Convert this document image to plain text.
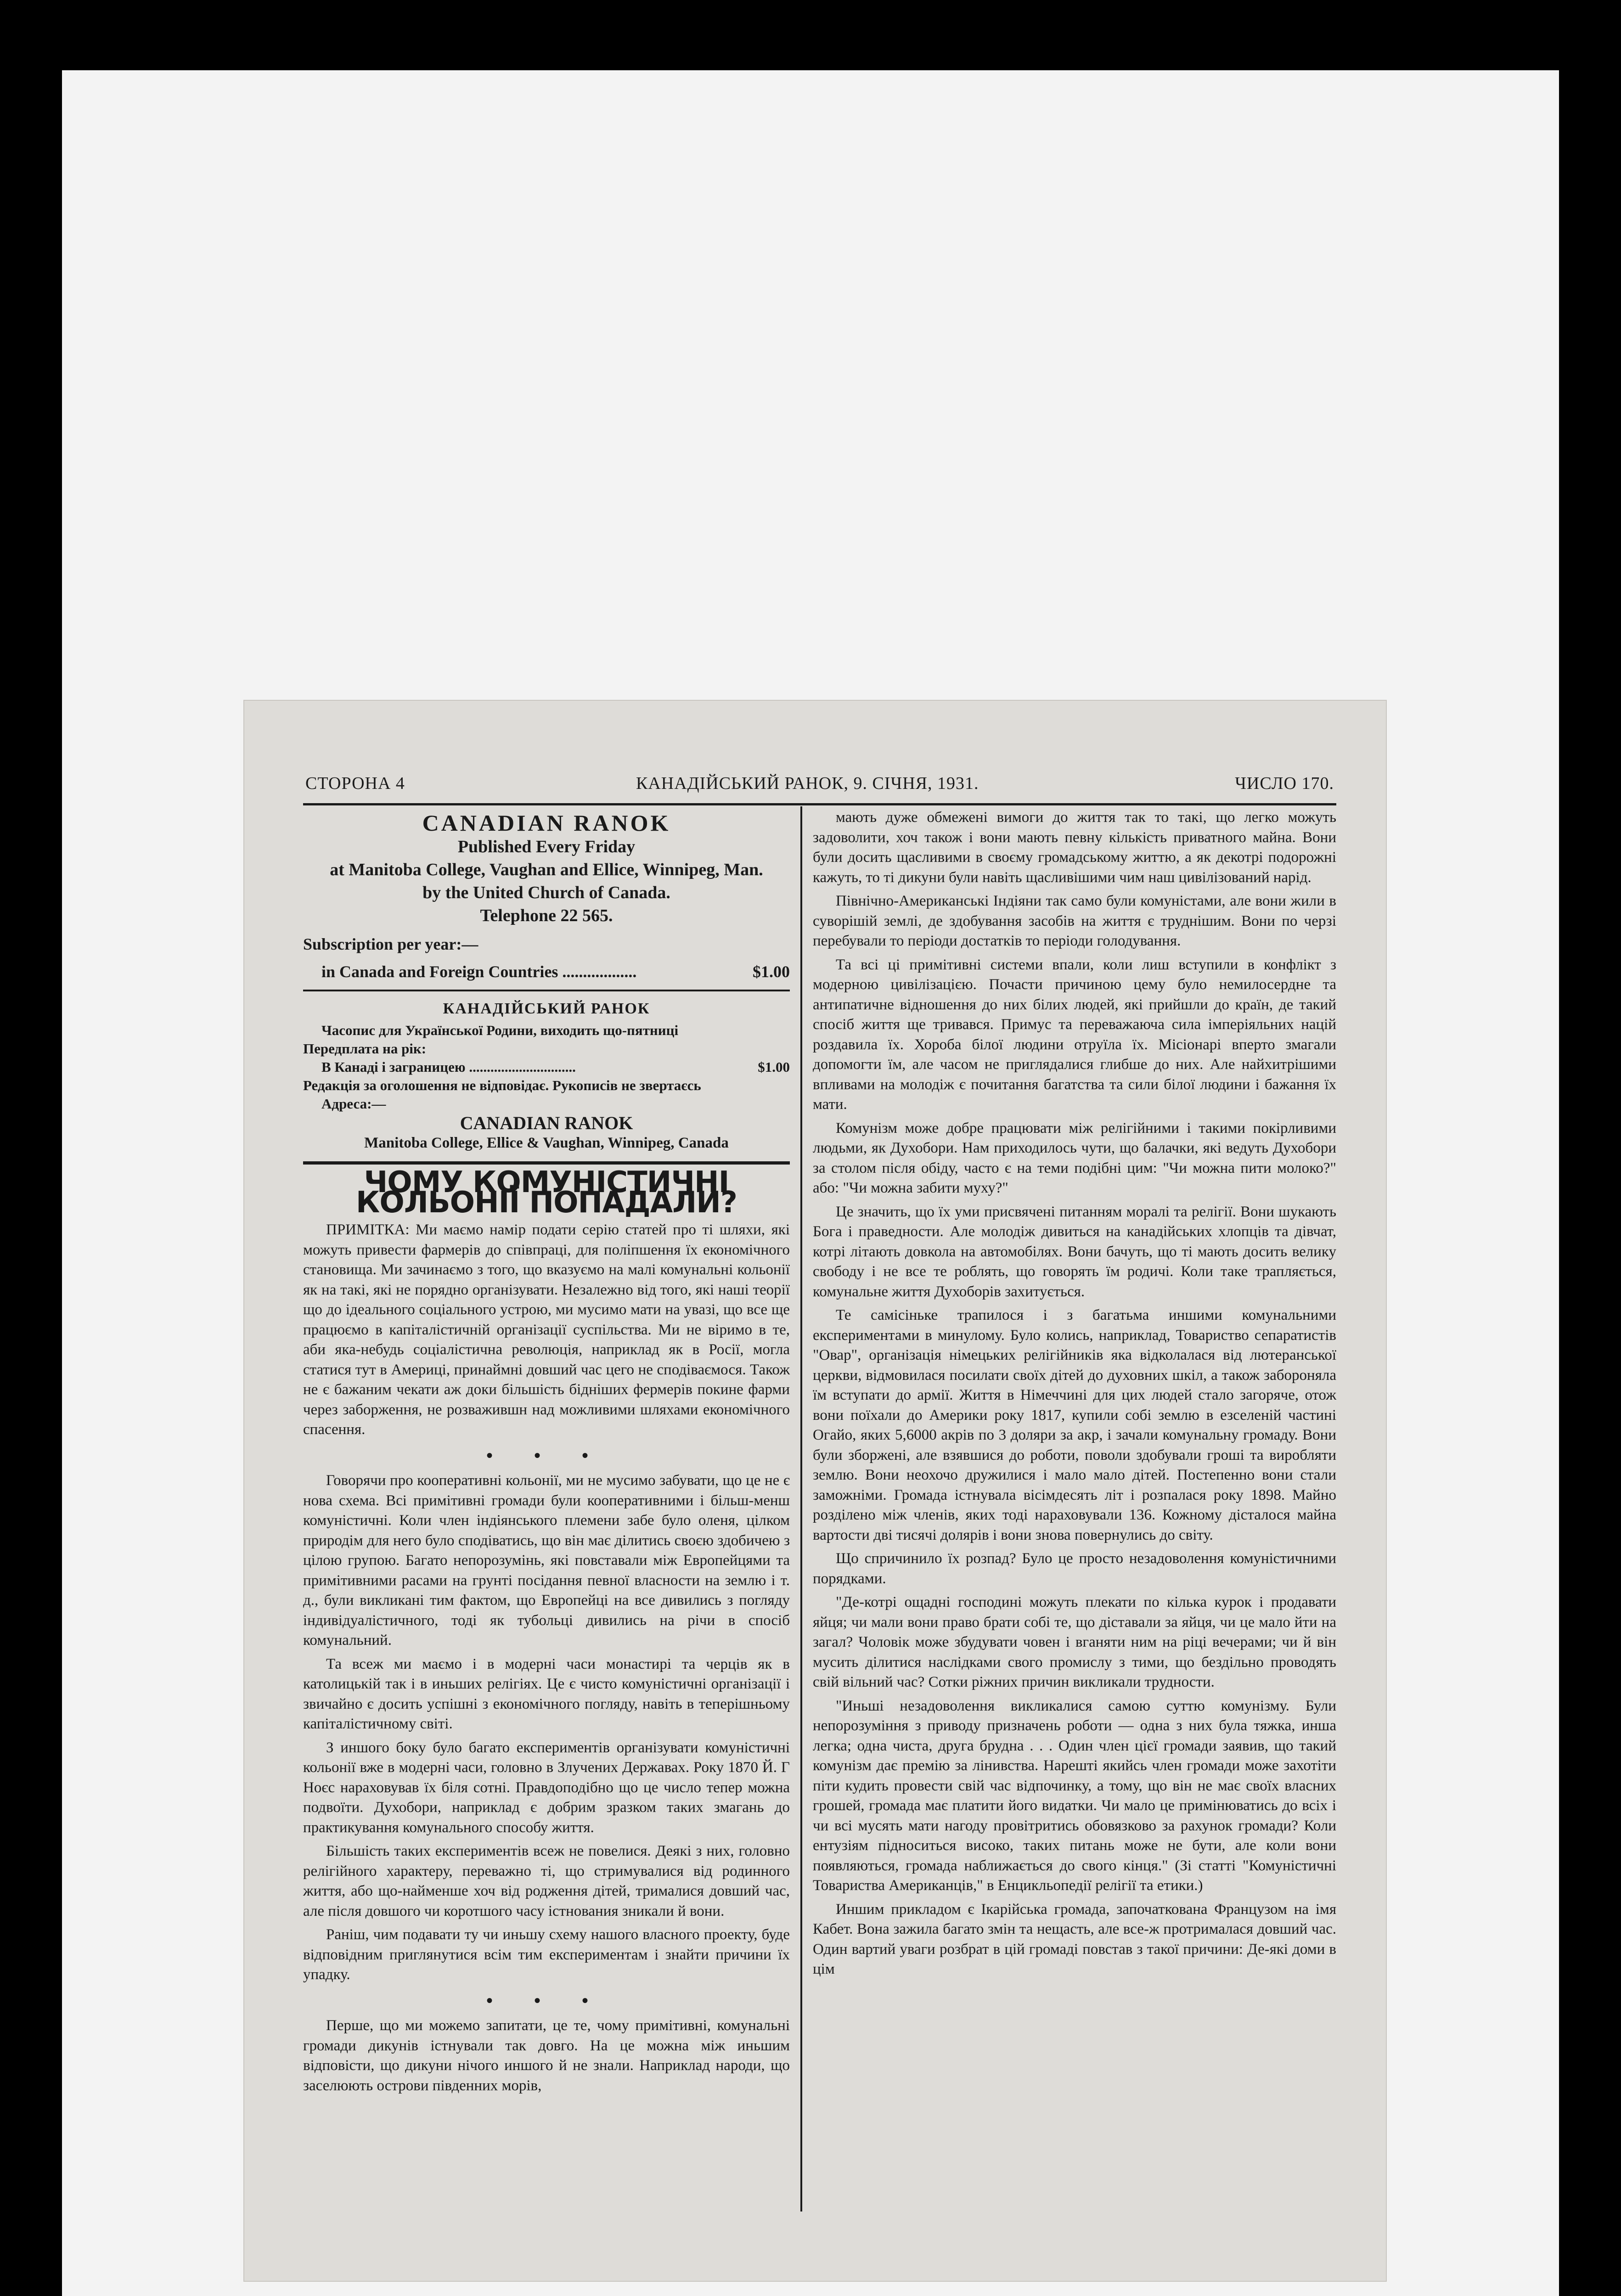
СТОРОНА 4	КАНАДІЙСЬКИЙ РАНОК, 9. СІЧНЯ, 1931.	ЧИСЛО 170.
CANADIAN RANOK
Published Every Friday
at Manitoba College, Vaughan and Ellice, Winnipeg, Man.
by the United Church of Canada.
Telephone 22 565.
Subscription per year:—
in Canada and Foreign Countries ..................	$1.00
КАНАДІЙСЬКИЙ РАНОК
Часопис для Української Родини, виходить що-пятниці
Передплата на рік:
В Канаді і заграницею ..............................	$1.00
Редакція за оголошення не відповідає. Рукописів не звертаєсь
Адреса:—
CANADIAN RANOK
Manitoba College, Ellice & Vaughan, Winnipeg, Canada
ЧОМУ КОМУНІСТИЧНІ КОЛЬОНІЇ ПОПАДАЛИ?

ПРИМІТКА: Ми маємо намір подати серію статей про ті шляхи, які можуть привести фармерів до співпраці, для поліпшення їх економічного становища. Ми зачинаємо з того, що вказуємо на малі комунальні кольонії як на такі, які не порядно організувати. Незалежно від того, які наші теорії що до ідеального соціального устрою, ми мусимо мати на увазі, що все ще працюємо в капіталістичній організації суспільства. Ми не віримо в те, аби яка-небудь соціалістична революція, наприклад як в Росії, могла статися тут в Америці, принаймні довший час цего не сподіваємося. Також не є бажаним чекати аж доки більшість бідніших фермерів покине фарми через заборження, не розважившн над можливими шляхами економічного спасення.

• • •

Говорячи про кооперативні кольонії, ми не мусимо забувати, що це не є нова схема. Всі примітивні громади були кооперативними і більш-менш комуністичні. Коли член індіянського племени забе було оленя, цілком природім для него було сподіватись, що він має ділитись своєю здобичею з цілою групою. Багато непорозумінь, які повставали між Европейцями та примітивними расами на грунті посідання певної власности на землю і т. д., були викликані тим фактом, що Европейці на все дивились з погляду індивідуалістичного, тоді як тубольці дивились на річи в спосіб комунальний.

Та всеж ми маємо і в модерні часи монастирі та черців як в католицькій так і в иньших релігіях. Це є чисто комуністичні організації і звичайно є досить успішні з економічного погляду, навіть в теперішньому капіталістичному світі.

З иншого боку було багато експериментів організувати комуністичні кольонії вже в модерні часи, головно в Злучених Державах. Року 1870 Й. Г Ноєс нараховував їх біля сотні. Правдоподібно що це число тепер можна подвоїти. Духобори, наприклад є добрим зразком таких змагань до практикування комунального способу життя.

Більшість таких експериментів всеж не повелися. Деякі з них, головно релігійного характеру, переважно ті, що стримувалися від родинного життя, або що-найменше хоч від родження дітей, трималися довший час, але після довшого чи коротшого часу істнования зникали й вони.

Раніш, чим подавати ту чи иньшу схему нашого власного проекту, буде відповідним приглянутися всім тим експериментам і знайти причини їх упадку.

• • •

Перше, що ми можемо запитати, це те, чому примітивні, комунальні громади дикунів істнували так довго. На це можна між иньшим відповісти, що дикуни нічого иншого й не знали. Наприклад народи, що заселюють острови південних морів,

мають дуже обмежені вимоги до життя так то такі, що легко можуть задоволити, хоч також і вони мають певну кількість приватного майна. Вони були досить щасливими в своєму громадському життю, а як декотрі подорожні кажуть, то ті дикуни були навіть щасливішими чим наш цивілізований нарід.

Північно-Американські Індіяни так само були комуністами, але вони жили в суворішій землі, де здобування засобів на життя є труднішим. Вони по черзі перебували то періоди достатків то періоди голодування.

Та всі ці примітивні системи впали, коли лиш вступили в конфлікт з модерною цивілізацією. Почасти причиною цему було немилосердне та антипатичне відношення до них білих людей, які прийшли до країн, де такий спосіб життя ще тривався. Примус та переважаюча сила імперіяльних націй роздавила їх. Хороба білої людини отруїла їх. Місіонарі вперто змагали допомогти їм, але часом не приглядалися глибше до них. Але найхитрішими впливами на молодіж є почитання багатства та сили білої людини і бажання їх мати.

Комунізм може добре працювати між релігійними і такими покірливими людьми, як Духобори. Нам приходилось чути, що балачки, які ведуть Духобори за столом після обіду, часто є на теми подібні цим: "Чи можна пити молоко?" або: "Чи можна забити муху?"

Це значить, що їх уми присвячені питанням моралі та релігії. Вони шукають Бога і праведности. Але молодіж дивиться на канадійських хлопців та дівчат, котрі літають довкола на автомобілях. Вони бачуть, що ті мають досить велику свободу і не все те роблять, що говорять їм родичі. Коли таке трапляється, комунальне життя Духоборів захитується.

Те самісіньке трапилося і з багатьма иншими комунальними експериментами в минулому. Було колись, наприклад, Товариство сепаратистів "Овар", організація німецьких релігійників яка відколалася від лютеранської церкви, відмовилася посилати своїх дітей до духовних шкіл, а також забороняла їм вступати до армії. Життя в Німеччині для цих людей стало загоряче, отож вони поїхали до Америки року 1817, купили собі землю в езселеній частині Огайо, яких 5,6000 акрів по 3 доляри за акр, і зачали комунальну громаду. Вони були зборжені, але взявшися до роботи, поволи здобували гроші та виробляти землю. Вони неохочо дружилися і мало мало дітей. Постепенно вони стали заможніми. Громада істнувала вісімдесять літ і розпалася року 1898. Майно роздiлено між членів, яких тоді нараховували 136. Кожному дісталося майна вартости дві тисячі долярів і вони знова повернулись до світу.

Що спричинило їх розпад? Було це просто незадоволення комуністичними порядками.

"Де-котрі ощадні господині можуть плекати по кілька курок і продавати яйця; чи мали вони право брати собі те, що діставали за яйця, чи це мало йти на загал? Чоловік може збудувати човен і вганяти ним на ріці вечерами; чи й він мусить ділитися наслідками свого промислу з тими, що бездільно проводять свій вільний час? Сотки ріжних причин викликали трудности.

"Иньші незадоволення викликалися самою суттю комунізму. Були непорозуміння з приводу призначень роботи — одна з них була тяжка, инша легка; одна чиста, друга брудна . . . Один член цієї громади заявив, що такий комунізм дає премію за лінивства. Нарешті якийсь член громади може захотіти піти кудить провести свій час відпочинку, а тому, що він не має своїх власних грошей, громада має платити його видатки. Чи мало це примінюватись до всіх і чи всі мусять мати нагоду провітритись обовязково за рахунок громади? Коли ентузіям підноситься високо, таких питань може не бути, але коли вони появляються, громада наближається до свого кінця." (Зі статті "Комуністичні Товариства Американців," в Енцикльопедії релігії та етики.)

Иншим прикладом є Ікарійська громада, започаткована Французом на імя Кабет. Вона зажила багато змін та нещасть, але все-ж протрималася довший час. Один вартий уваги розбрат в цій громаді повстав з такої причини: Де-які доми в цім
